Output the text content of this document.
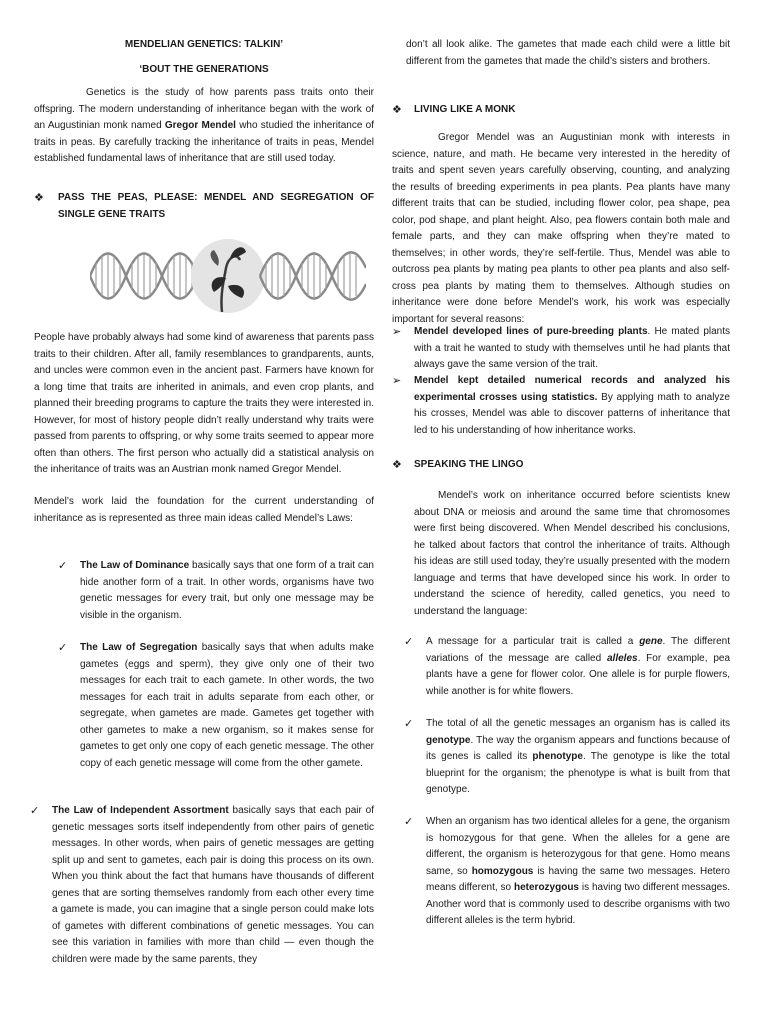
MENDELIAN GENETICS: TALKIN’
‘BOUT THE GENERATIONS

Genetics is the study of how parents pass traits onto their offspring. The modern understanding of inheritance began with the work of an Augustinian monk named Gregor Mendel who studied the inheritance of traits in peas. By carefully tracking the inheritance of traits in peas, Mendel established fundamental laws of inheritance that are still used today.

❖ PASS THE PEAS, PLEASE: MENDEL AND SEGREGATION OF SINGLE GENE TRAITS

People have probably always had some kind of awareness that parents pass traits to their children. After all, family resemblances to grandparents, aunts, and uncles were common even in the ancient past. Farmers have known for a long time that traits are inherited in animals, and even crop plants, and planned their breeding programs to capture the traits they were interested in. However, for most of history people didn’t really understand why traits were passed from parents to offspring, or why some traits seemed to appear more often than others. The first person who actually did a statistical analysis on the inheritance of traits was an Austrian monk named Gregor Mendel.

Mendel’s work laid the foundation for the current understanding of inheritance as is represented as three main ideas called Mendel’s Laws:

✓ The Law of Dominance basically says that one form of a trait can hide another form of a trait. In other words, organisms have two genetic messages for every trait, but only one message may be visible in the organism.
✓ The Law of Segregation basically says that when adults make gametes (eggs and sperm), they give only one of their two messages for each trait to each gamete. In other words, the two messages for each trait in adults separate from each other, or segregate, when gametes are made. Gametes get together with other gametes to make a new organism, so it makes sense for gametes to get only one copy of each genetic message. The other copy of each genetic message will come from the other gamete.
✓ The Law of Independent Assortment basically says that each pair of genetic messages sorts itself independently from other pairs of genetic messages. In other words, when pairs of genetic messages are getting split up and sent to gametes, each pair is doing this process on its own. When you think about the fact that humans have thousands of different genes that are sorting themselves randomly from each other every time a gamete is made, you can imagine that a single person could make lots of gametes with different combinations of genetic messages. You can see this variation in families with more than child — even though the children were made by the same parents, they

don’t all look alike. The gametes that made each child were a little bit different from the gametes that made the child’s sisters and brothers.

❖ LIVING LIKE A MONK

Gregor Mendel was an Augustinian monk with interests in science, nature, and math. He became very interested in the heredity of traits and spent seven years carefully observing, counting, and analyzing the results of breeding experiments in pea plants. Pea plants have many different traits that can be studied, including flower color, pea shape, pea color, pod shape, and plant height. Also, pea flowers contain both male and female parts, and they can make offspring when they’re mated to themselves; in other words, they’re self-fertile. Thus, Mendel was able to outcross pea plants by mating pea plants to other pea plants and also self-cross pea plants by mating them to themselves. Although studies on inheritance were done before Mendel’s work, his work was especially important for several reasons:

➢ Mendel developed lines of pure-breeding plants. He mated plants with a trait he wanted to study with themselves until he had plants that always gave the same version of the trait.
➢ Mendel kept detailed numerical records and analyzed his experimental crosses using statistics. By applying math to analyze his crosses, Mendel was able to discover patterns of inheritance that led to his understanding of how inheritance works.
❖ SPEAKING THE LINGO

Mendel’s work on inheritance occurred before scientists knew about DNA or meiosis and around the same time that chromosomes were first being discovered. When Mendel described his conclusions, he talked about factors that control the inheritance of traits. Although his ideas are still used today, they’re usually presented with the modern language and terms that have developed since his work. In order to understand the science of heredity, called genetics, you need to understand the language:

✓ A message for a particular trait is called a gene. The different variations of the message are called alleles. For example, pea plants have a gene for flower color. One allele is for purple flowers, while another is for white flowers.
✓ The total of all the genetic messages an organism has is called its genotype. The way the organism appears and functions because of its genes is called its phenotype. The genotype is like the total blueprint for the organism; the phenotype is what is built from that genotype.
✓ When an organism has two identical alleles for a gene, the organism is homozygous for that gene. When the alleles for a gene are different, the organism is heterozygous for that gene. Homo means same, so homozygous is having the same two messages. Hetero means different, so heterozygous is having two different messages. Another word that is commonly used to describe organisms with two different alleles is the term hybrid.
